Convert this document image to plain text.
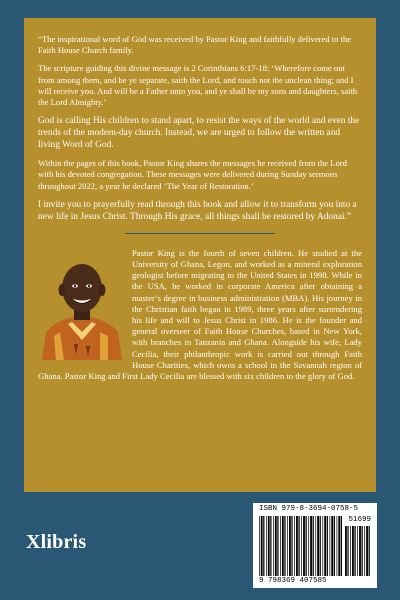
“The inspirational word of God was received by Pastor King and faithfully delivered to the Faith House Church family.

The scripture guiding this divine message is 2 Corinthians 6:17-18: ‘Wherefore come out from among them, and be ye separate, saith the Lord, and touch not the unclean thing; and I will receive you. And will be a Father unto you, and ye shall be my sons and daughters, saith the Lord Almighty.’

God is calling His children to stand apart, to resist the ways of the world and even the trends of the modern-day church. Instead, we are urged to follow the written and living Word of God.

Within the pages of this book, Pastor King shares the messages he received from the Lord with his devoted congregation. These messages were delivered during Sunday sermons throughout 2022, a year he declared ‘The Year of Restoration.’

I invite you to prayerfully read through this book and allow it to transform you into a new life in Jesus Christ. Through His grace, all things shall be restored by Adonai.”

Pastor King is the fourth of seven children. He studied at the University of Ghana, Legon, and worked as a mineral exploration geologist before migrating to the United States in 1998. While in the USA, he worked in corporate America after obtaining a master’s degree in business administration (MBA). His journey in the Christian faith began in 1989, three years after surrendering his life and will to Jesus Christ in 1986. He is the founder and general overseer of Faith House Churches, based in New York, with branches in Tanzania and Ghana. Alongside his wife, Lady Cecilia, their philanthropic work is carried out through Faith House Charities, which owns a school in the Savannah region of Ghana. Pastor King and First Lady Cecilia are blessed with six children to the glory of God.

Xlibris
ISBN 979-8-3694-0758-5
51699
9 798369 407585
